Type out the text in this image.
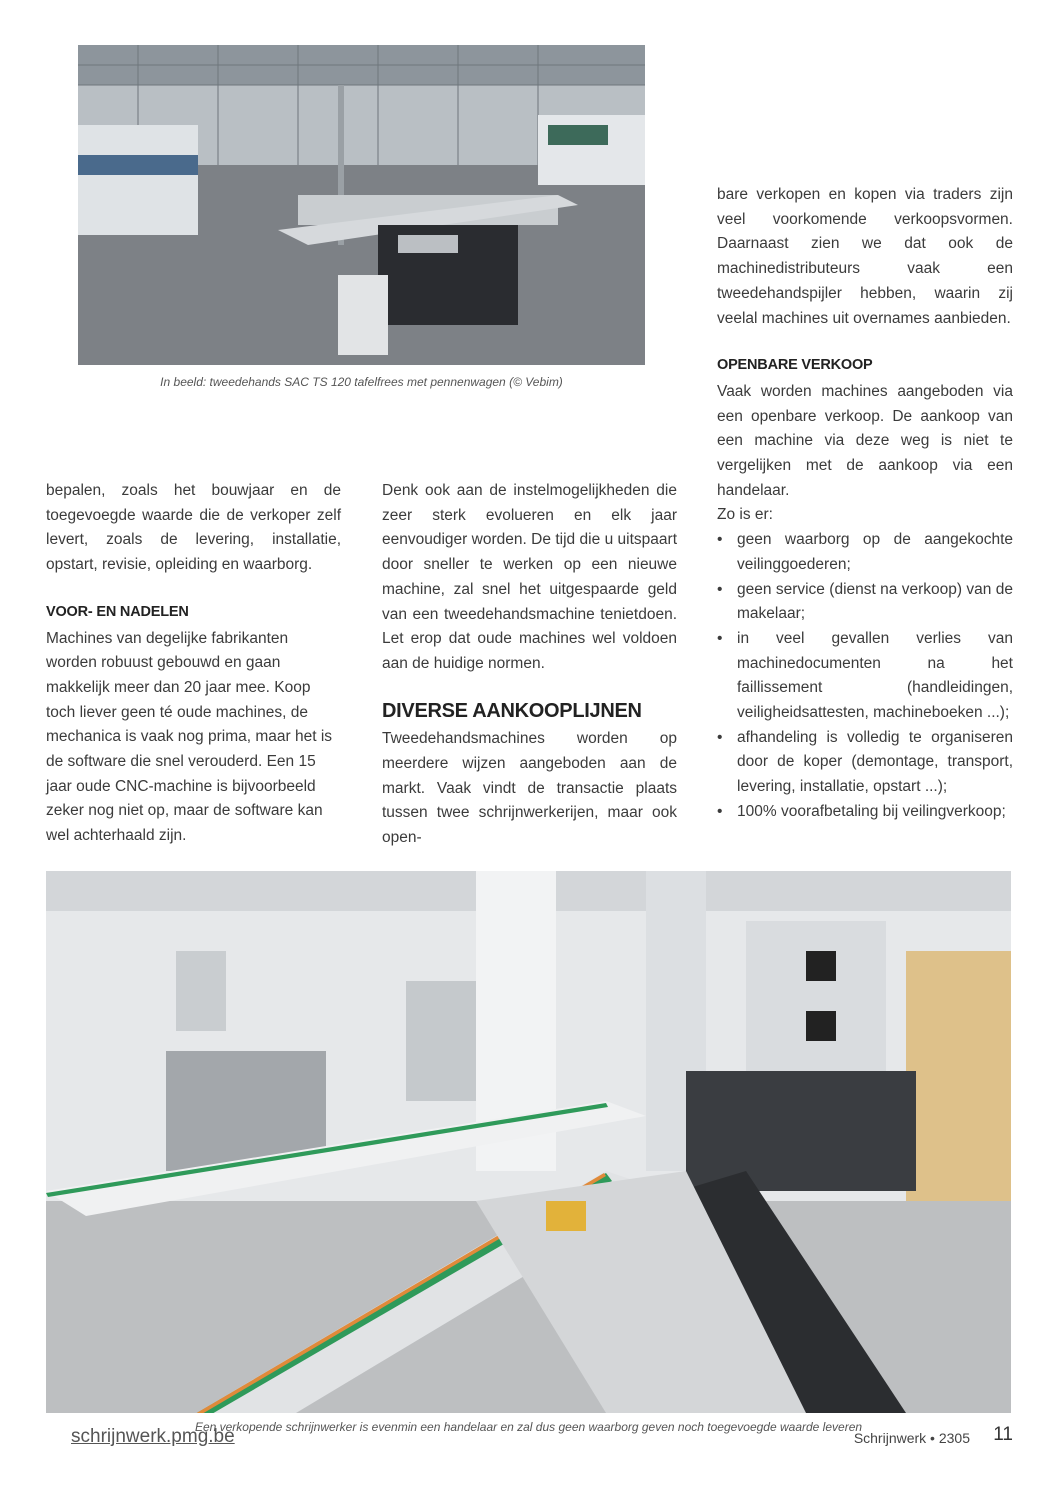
In beeld: tweedehands SAC TS 120 tafelfrees met pennenwagen (© Vebim)

bepalen, zoals het bouwjaar en de toegevoegde waarde die de verkoper zelf levert, zoals de levering, installatie, opstart, revisie, opleiding en waarborg.

VOOR- EN NADELEN

Machines van degelijke fabrikanten worden robuust gebouwd en gaan makkelijk meer dan 20 jaar mee. Koop toch liever geen té oude machines, de mechanica is vaak nog prima, maar het is de software die snel verouderd. Een 15 jaar oude CNC-machine is bijvoorbeeld zeker nog niet op, maar de software kan wel achterhaald zijn.

Denk ook aan de instelmogelijkheden die zeer sterk evolueren en elk jaar eenvoudiger worden. De tijd die u uitspaart door sneller te werken op een nieuwe machine, zal snel het uitgespaarde geld van een tweedehandsmachine tenietdoen. Let erop dat oude machines wel voldoen aan de huidige normen.

DIVERSE AANKOOPLIJNEN

Tweedehandsmachines worden op meerdere wijzen aangeboden aan de markt. Vaak vindt de transactie plaats tussen twee schrijnwerkerijen, maar ook open-

bare verkopen en kopen via traders zijn veel voorkomende verkoopsvormen. Daarnaast zien we dat ook de machinedistributeurs vaak een tweedehandspijler hebben, waarin zij veelal machines uit overnames aanbieden.

OPENBARE VERKOOP

Vaak worden machines aangeboden via een openbare verkoop. De aankoop van een machine via deze weg is niet te vergelijken met de aankoop via een handelaar.

Zo is er:

• geen waarborg op de aangekochte veilinggoederen;
• geen service (dienst na verkoop) van de makelaar;
• in veel gevallen verlies van machinedocumenten na het faillissement (handleidingen, veiligheidsattesten, machineboeken ...);
• afhandeling is volledig te organiseren door de koper (demontage, transport, levering, installatie, opstart ...);
• 100% voorafbetaling bij veilingverkoop;
Een verkopende schrijnwerker is evenmin een handelaar en zal dus geen waarborg geven noch toegevoegde waarde leveren
schrijnwerk.pmg.be	Schrijnwerk • 2305 11
